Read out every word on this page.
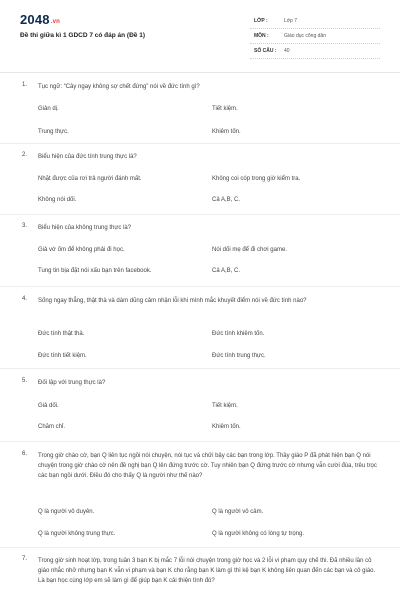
2048.vn
Đề thi giữa kì 1 GDCD 7 có đáp án (Đề 1)
LỚP :	Lớp 7
MÔN :	Giáo dục công dân
SỐ CÂU : 40
1. Tục ngữ: “Cây ngay không sợ chết đứng” nói về đức tính gì?
Giản dị.	Tiết kiệm.
Trung thực.	Khiêm tốn.
2. Biểu hiện của đức tính trung thực là?
Nhặt được của rơi trả người đánh mất.	Không coi cóp trong giờ kiểm tra.
Không nói dối.	Cả A,B, C.
3. Biểu hiện của không trung thực là?
Giả vờ ốm để không phải đi học.	Nói dối mẹ để đi chơi game.
Tung tin bịa đặt nói xấu bạn trên facebook.	Cả A,B, C.
4. Sống ngay thẳng, thật thà và dám dũng cảm nhận lỗi khi mình mắc khuyết điểm nói về đức tính nào?
Đức tính thật thà.	Đức tính khiêm tốn.
Đức tính tiết kiệm.	Đức tính trung thực.
5. Đối lập với trung thực là?
Giả dối.	Tiết kiệm.
Chăm chỉ.	Khiêm tốn.
6. Trong giờ chào cờ, bạn Q liên tục ngồi nói chuyện, nói tục và chửi bậy các bạn trong lớp. Thầy giáo P đã phát hiện bạn Q nói chuyện trong giờ chào cờ nên đề nghị bạn Q lên đứng trước cờ. Tuy nhiên bạn Q đứng trước cờ nhưng vẫn cười đùa, trêu trọc các bạn ngồi dưới. Điều đó cho thấy Q là người như thế nào?
Q là người vô duyên.	Q là người vô cảm.
Q là người không trung thực.	Q là người không có lòng tự trọng.
7. Trong giờ sinh hoạt lớp, trong tuần 3 bạn K bị mắc 7 lỗi nói chuyện trong giờ học và 2 lỗi vi phạm quy chế thi. Đã nhiều lần cô giáo nhắc nhở nhưng bạn K vẫn vi phạm và bạn K cho rằng bạn K làm gì thì kệ bạn K không liên quan đến các bạn và cô giáo. Là bạn học cùng lớp em sẽ làm gì để giúp bạn K cải thiện tình đó?
